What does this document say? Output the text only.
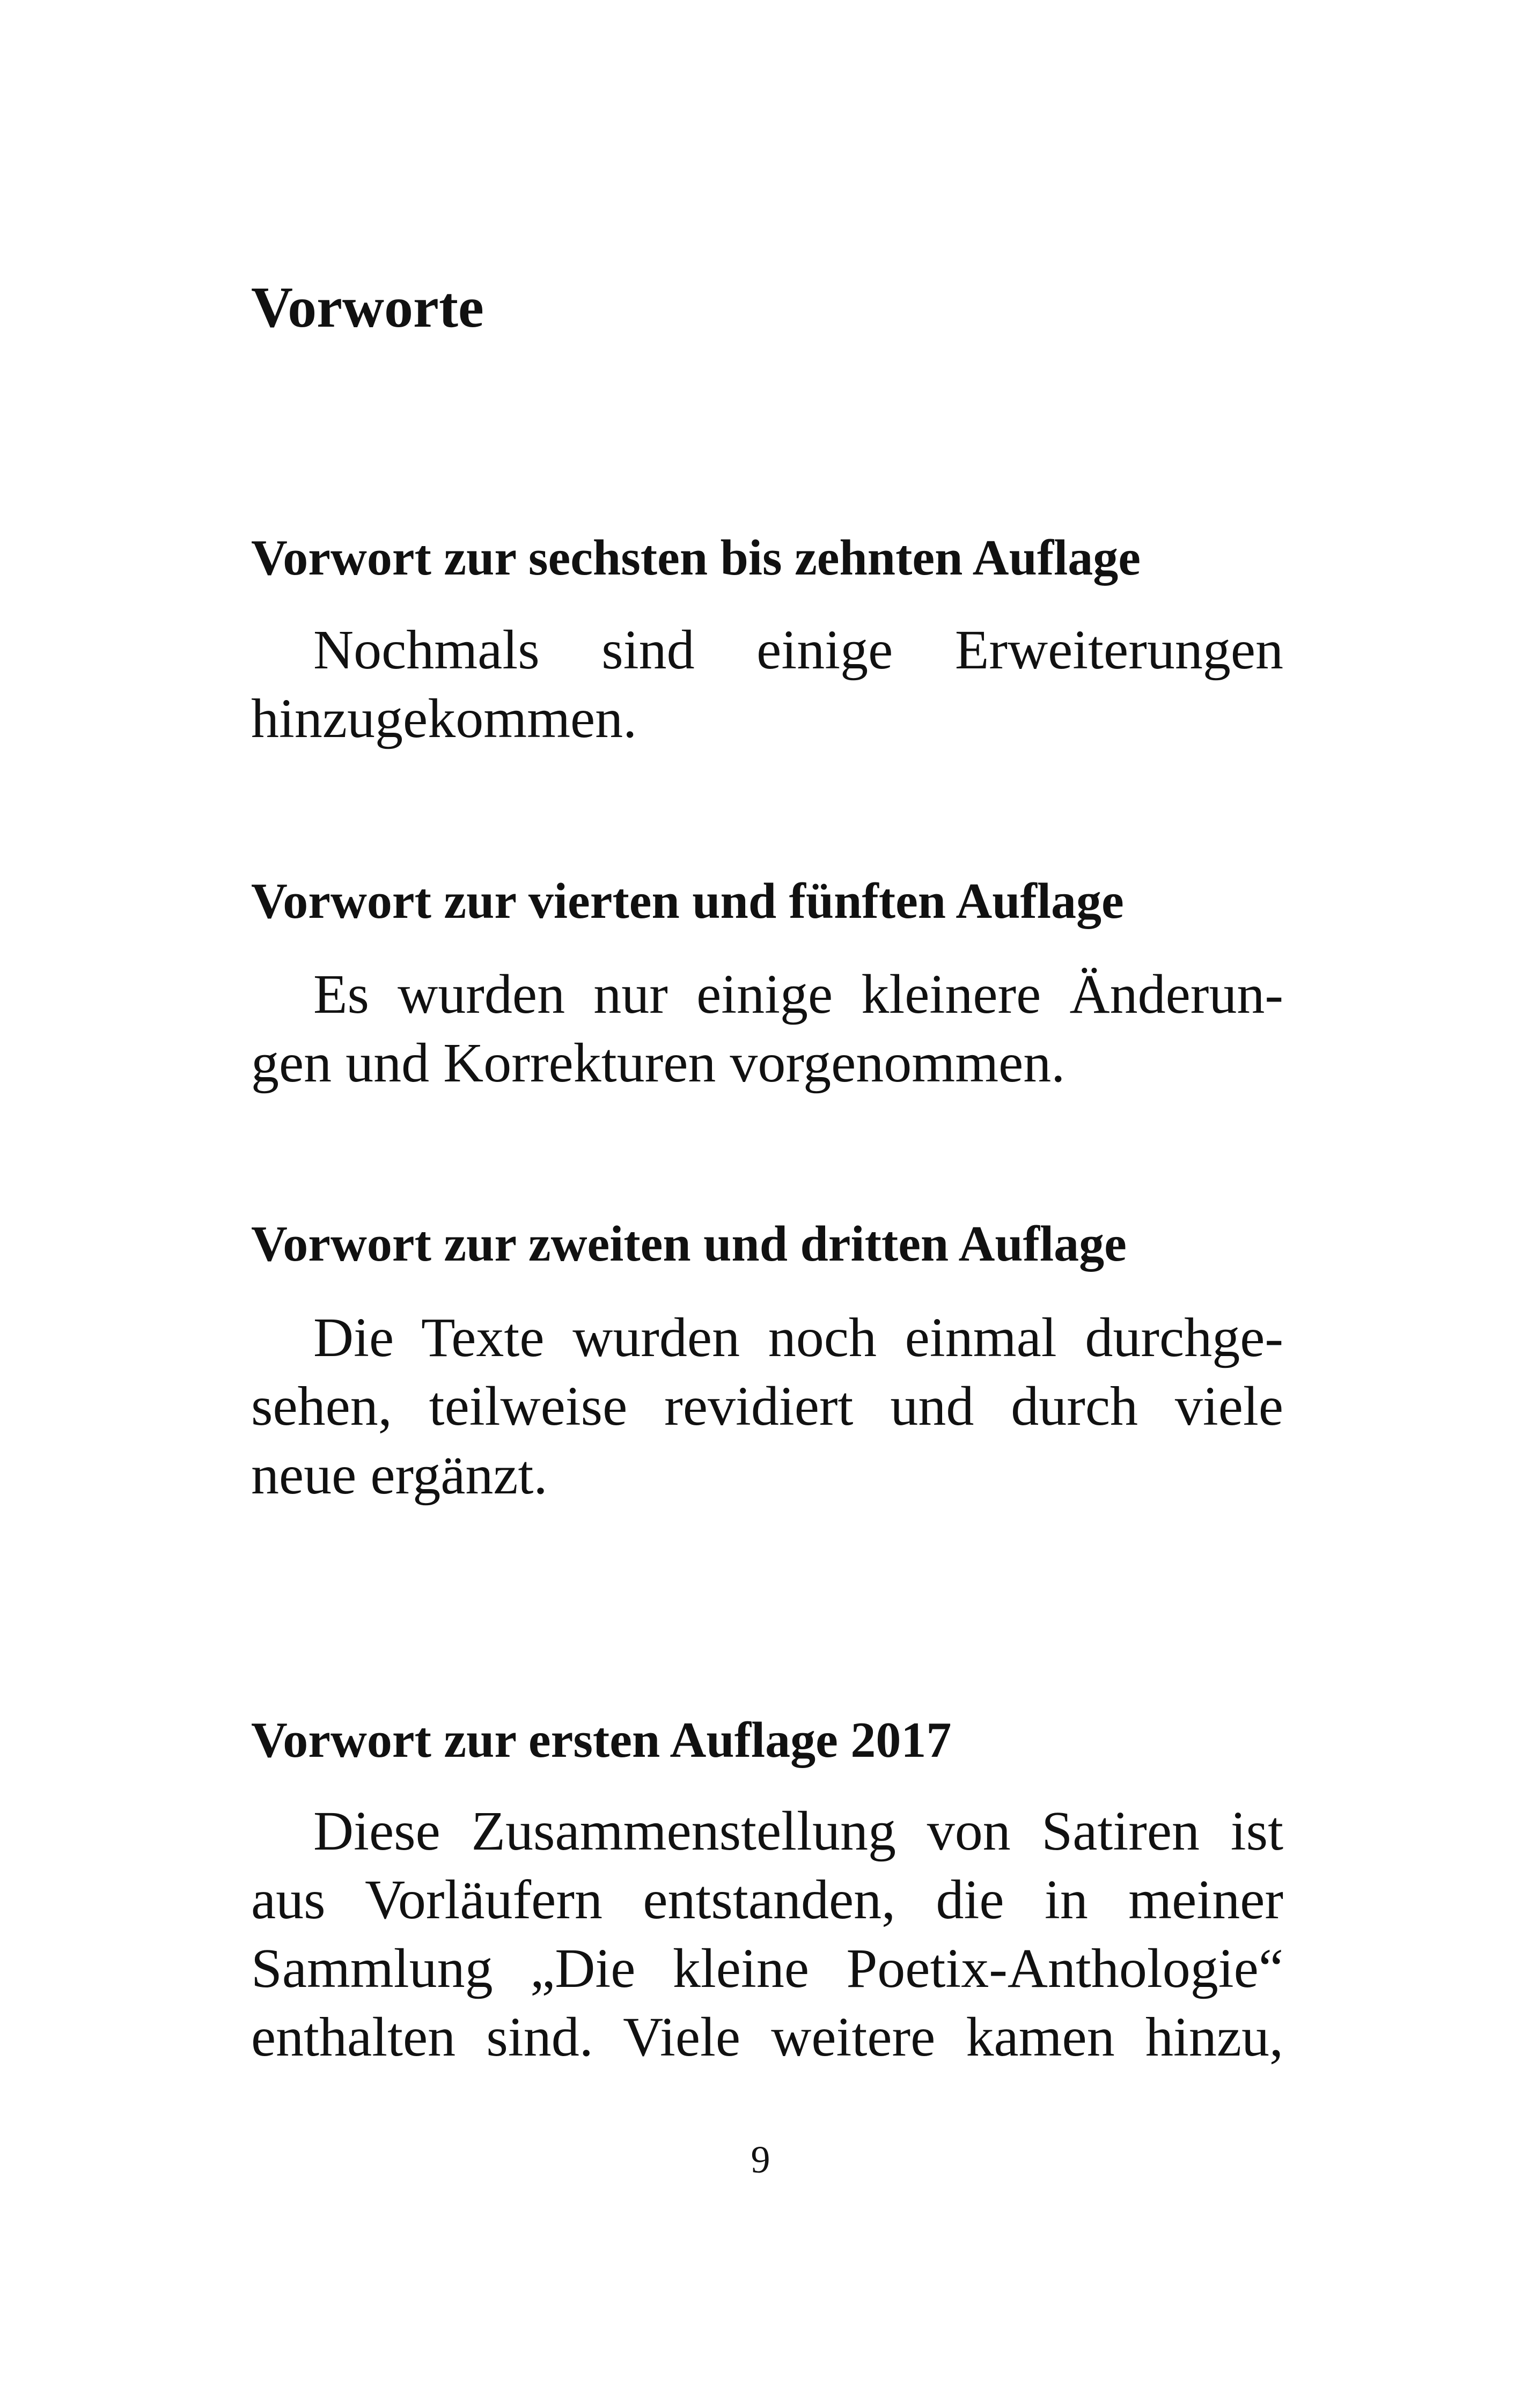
Vorworte
Vorwort zur sechsten bis zehnten Auflage

Nochmals sind einige Erweiterungen
hinzugekommen.

Vorwort zur vierten und fünften Auflage

Es wurden nur einige kleinere Änderun-
gen und Korrekturen vorgenommen.

Vorwort zur zweiten und dritten Auflage

Die Texte wurden noch einmal durchge-
sehen, teilweise revidiert und durch viele
neue ergänzt.

Vorwort zur ersten Auflage 2017

Diese Zusammenstellung von Satiren ist
aus Vorläufern entstanden, die in meiner
Sammlung „Die kleine Poetix-Anthologie“
enthalten sind. Viele weitere kamen hinzu,

9
